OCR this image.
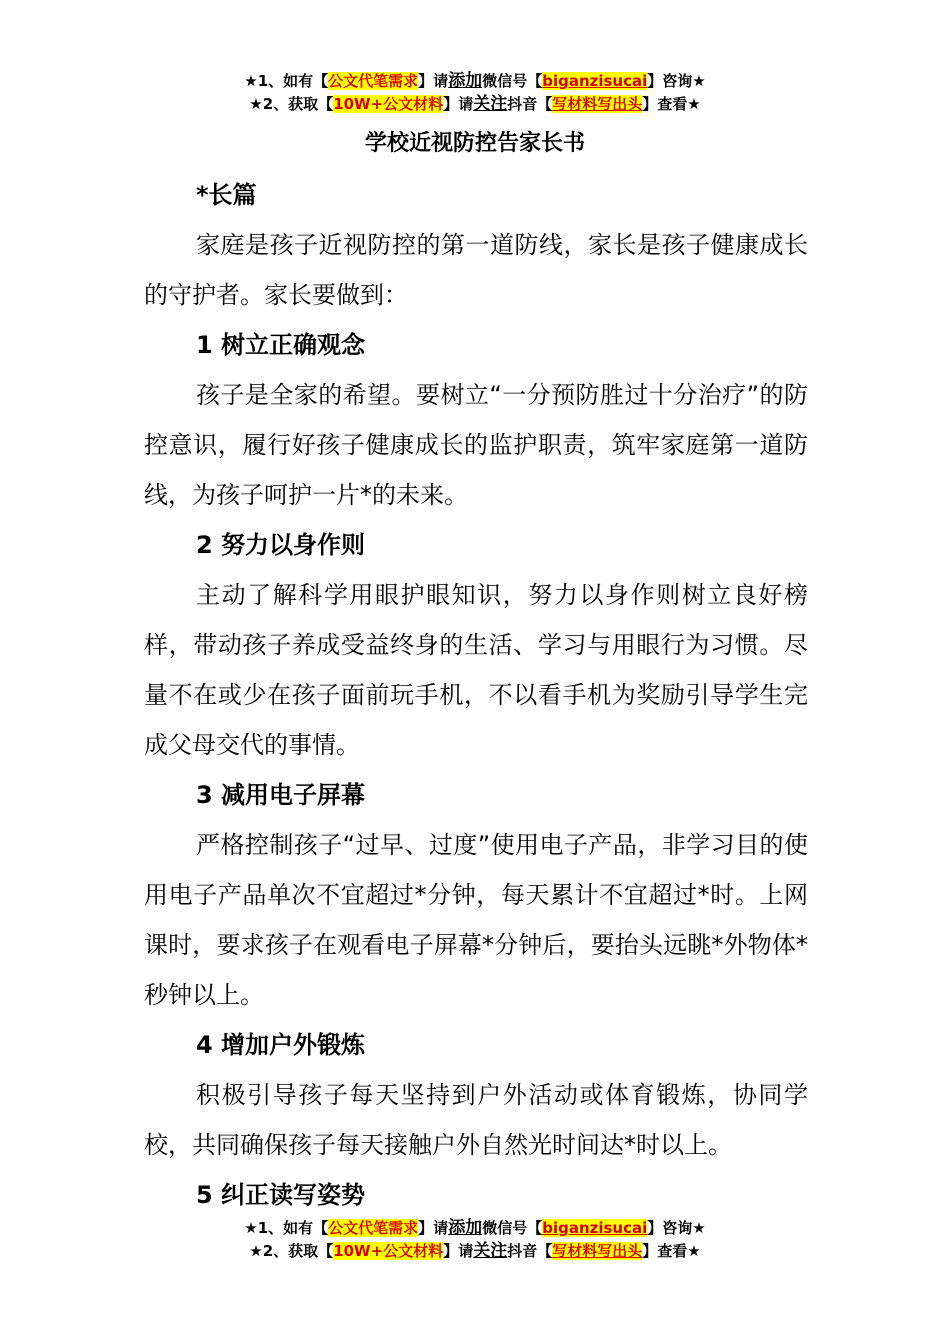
★1、如有【公文代笔需求】请添加微信号【biganzisucai】咨询★
★2、获取【10W+公文材料】请关注抖音【写材料写出头】查看★
学校近视防控告家长书

*长篇

家庭是孩子近视防控的第一道防线，家长是孩子健康成长的守护者。家长要做到：

1 树立正确观念

孩子是全家的希望。要树立“一分预防胜过十分治疗”的防控意识，履行好孩子健康成长的监护职责，筑牢家庭第一道防线，为孩子呵护一片*的未来。

2 努力以身作则

主动了解科学用眼护眼知识，努力以身作则树立良好榜样，带动孩子养成受益终身的生活、学习与用眼行为习惯。尽量不在或少在孩子面前玩手机，不以看手机为奖励引导学生完成父母交代的事情。

3 减用电子屏幕

严格控制孩子“过早、过度”使用电子产品，非学习目的使用电子产品单次不宜超过*分钟，每天累计不宜超过*时。上网课时，要求孩子在观看电子屏幕*分钟后，要抬头远眺*外物体*秒钟以上。

4 增加户外锻炼

积极引导孩子每天坚持到户外活动或体育锻炼，协同学校，共同确保孩子每天接触户外自然光时间达*时以上。

5 纠正读写姿势

★1、如有【公文代笔需求】请添加微信号【biganzisucai】咨询★
★2、获取【10W+公文材料】请关注抖音【写材料写出头】查看★
